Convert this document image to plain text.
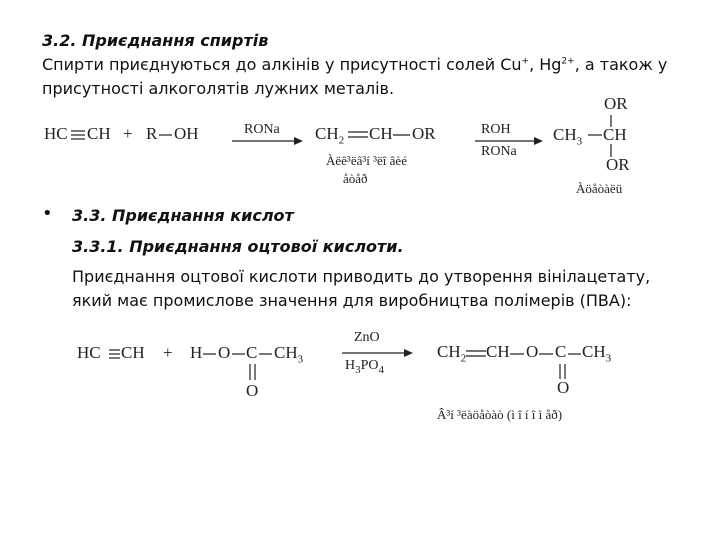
3.2. Приєднання спиртів
Спирти приєднуються до алкінів у присутності солей Cu+, $Hg^{2+}$, а також у
присутності алкоголятів лужних металів.
HC CH + R OH	RONa $CH_2$ CH OR
Àëê³ëâ³í ³ëî âèé
åòåð
ROH
RONa
OR
$CH_3$ CH
OR
Àöåòàëü
• 3.3. Приєднання кислот
3.3.1. Приєднання оцтової кислоти.
Приєднання оцтової кислоти приводить до утворення вінілацетату,
який має промислове значення для виробництва полімерів (ПВА):
HC CH + H O C $CH_3$
O
ZnO
$H_3PO_4$
$CH_2$ CH O C $CH_3$
O
Â³í ³ëàöåòàò (ì î í î ì åð)
